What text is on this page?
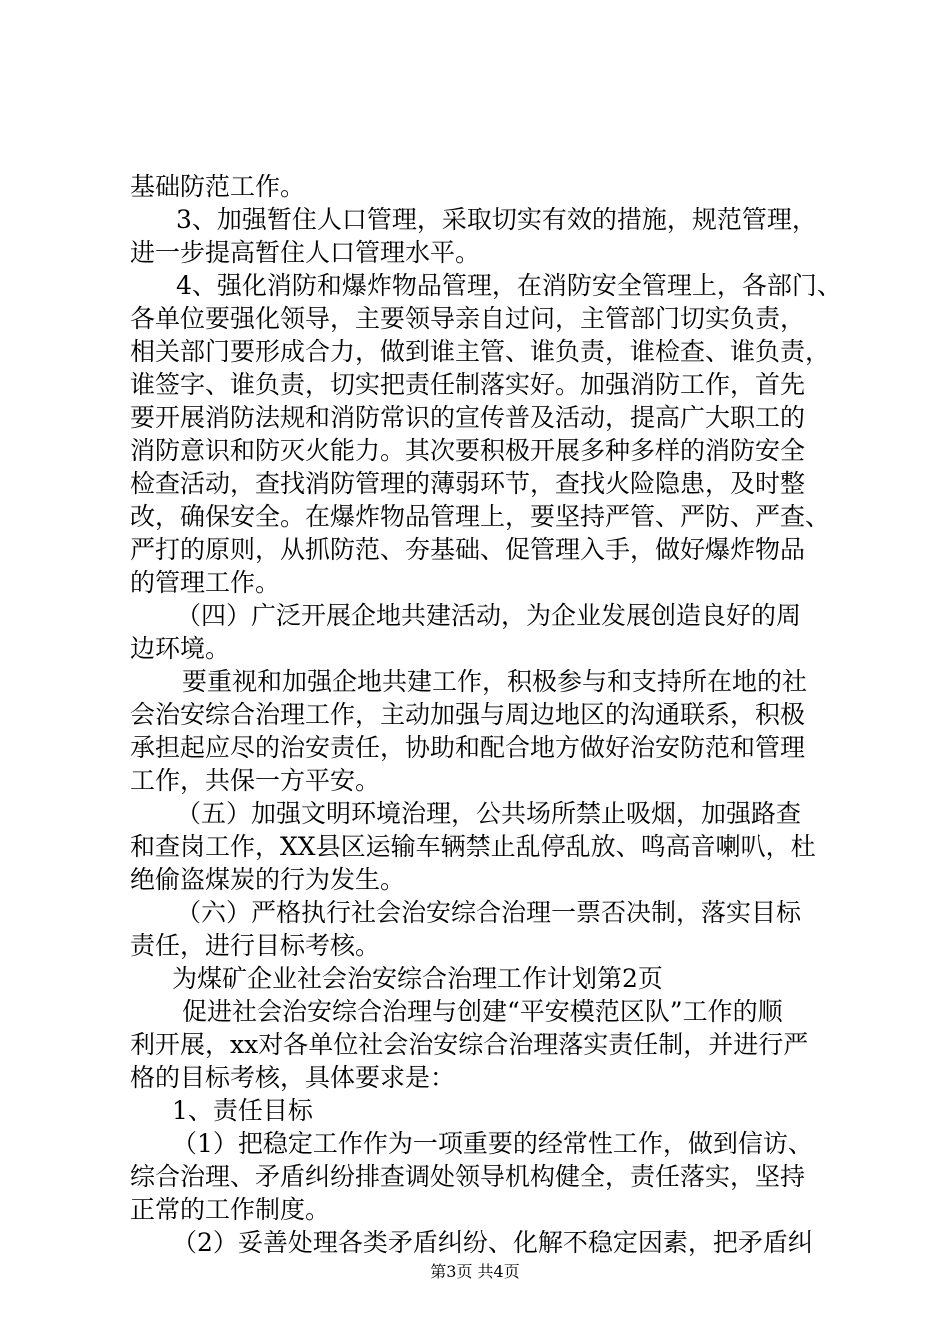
基础防范工作。
3、加强暂住人口管理，采取切实有效的措施，规范管理，
进一步提高暂住人口管理水平。
4、强化消防和爆炸物品管理，在消防安全管理上，各部门、
各单位要强化领导，主要领导亲自过问，主管部门切实负责，
相关部门要形成合力，做到谁主管、谁负责，谁检查、谁负责，
谁签字、谁负责，切实把责任制落实好。加强消防工作，首先
要开展消防法规和消防常识的宣传普及活动，提高广大职工的
消防意识和防灭火能力。其次要积极开展多种多样的消防安全
检查活动，查找消防管理的薄弱环节，查找火险隐患，及时整
改，确保安全。在爆炸物品管理上，要坚持严管、严防、严查、
严打的原则，从抓防范、夯基础、促管理入手，做好爆炸物品
的管理工作。
（四）广泛开展企地共建活动，为企业发展创造良好的周
边环境。
要重视和加强企地共建工作，积极参与和支持所在地的社
会治安综合治理工作，主动加强与周边地区的沟通联系，积极
承担起应尽的治安责任，协助和配合地方做好治安防范和管理
工作，共保一方平安。
（五）加强文明环境治理，公共场所禁止吸烟，加强路查
和查岗工作，XX县区运输车辆禁止乱停乱放、鸣高音喇叭，杜
绝偷盗煤炭的行为发生。
（六）严格执行社会治安综合治理一票否决制，落实目标
责任，进行目标考核。
为煤矿企业社会治安综合治理工作计划第2页
促进社会治安综合治理与创建“平安模范区队”工作的顺
利开展，xx对各单位社会治安综合治理落实责任制，并进行严
格的目标考核，具体要求是：
1、责任目标
（1）把稳定工作作为一项重要的经常性工作，做到信访、
综合治理、矛盾纠纷排查调处领导机构健全，责任落实，坚持
正常的工作制度。
（2）妥善处理各类矛盾纠纷、化解不稳定因素，把矛盾纠
第3页 共4页
